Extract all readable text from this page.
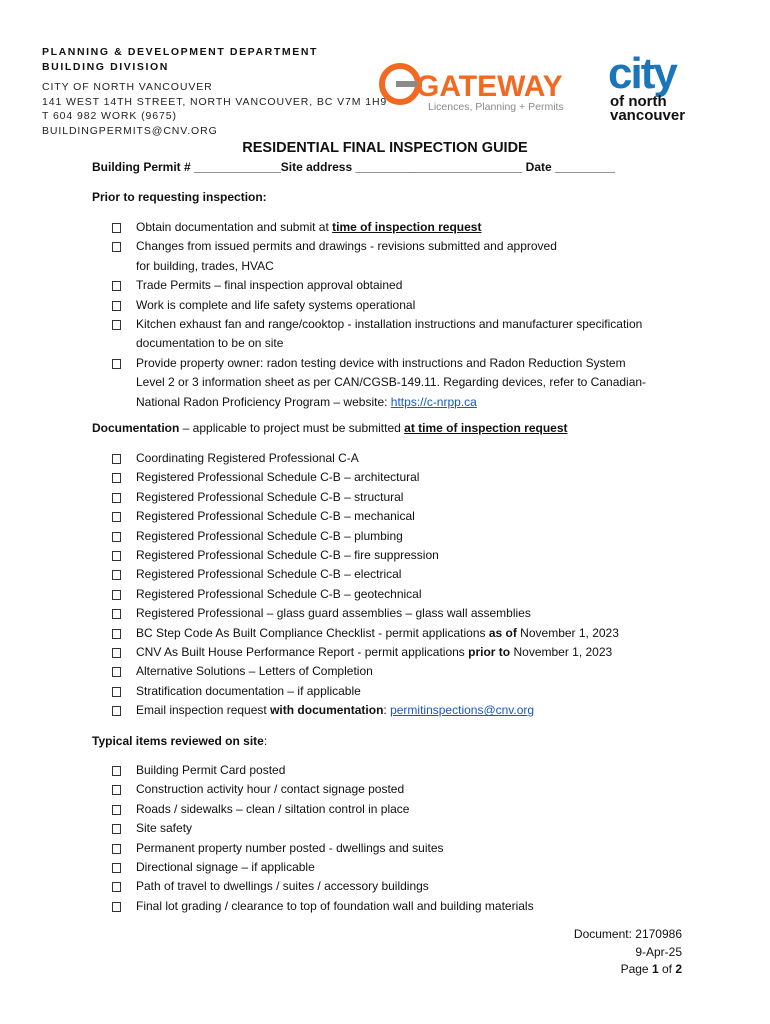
PLANNING & DEVELOPMENT DEPARTMENT
BUILDING DIVISION
CITY OF NORTH VANCOUVER
141 WEST 14TH STREET, NORTH VANCOUVER, BC V7M 1H9
T 604 982 WORK (9675)
BUILDINGPERMITS@CNV.ORG
GATEWAY
Licences, Planning + Permits
city
of north
vancouver
RESIDENTIAL FINAL INSPECTION GUIDE
Building Permit # _____________Site address _________________________ Date _________
Prior to requesting inspection:
Obtain documentation and submit at time of inspection request
Changes from issued permits and drawings - revisions submitted and approved
for building, trades, HVAC
Trade Permits – final inspection approval obtained
Work is complete and life safety systems operational
Kitchen exhaust fan and range/cooktop - installation instructions and manufacturer specification
documentation to be on site
Provide property owner: radon testing device with instructions and Radon Reduction System
Level 2 or 3 information sheet as per CAN/CGSB-149.11. Regarding devices, refer to Canadian-
National Radon Proficiency Program – website: https://c-nrpp.ca
Documentation – applicable to project must be submitted at time of inspection request
Coordinating Registered Professional C-A
Registered Professional Schedule C-B – architectural
Registered Professional Schedule C-B – structural
Registered Professional Schedule C-B – mechanical
Registered Professional Schedule C-B – plumbing
Registered Professional Schedule C-B – fire suppression
Registered Professional Schedule C-B – electrical
Registered Professional Schedule C-B – geotechnical
Registered Professional – glass guard assemblies – glass wall assemblies
BC Step Code As Built Compliance Checklist - permit applications as of November 1, 2023
CNV As Built House Performance Report - permit applications prior to November 1, 2023
Alternative Solutions – Letters of Completion
Stratification documentation – if applicable
Email inspection request with documentation: permitinspections@cnv.org
Typical items reviewed on site:
Building Permit Card posted
Construction activity hour / contact signage posted
Roads / sidewalks – clean / siltation control in place
Site safety
Permanent property number posted - dwellings and suites
Directional signage – if applicable
Path of travel to dwellings / suites / accessory buildings
Final lot grading / clearance to top of foundation wall and building materials
Document: 2170986
9-Apr-25
Page 1 of 2
